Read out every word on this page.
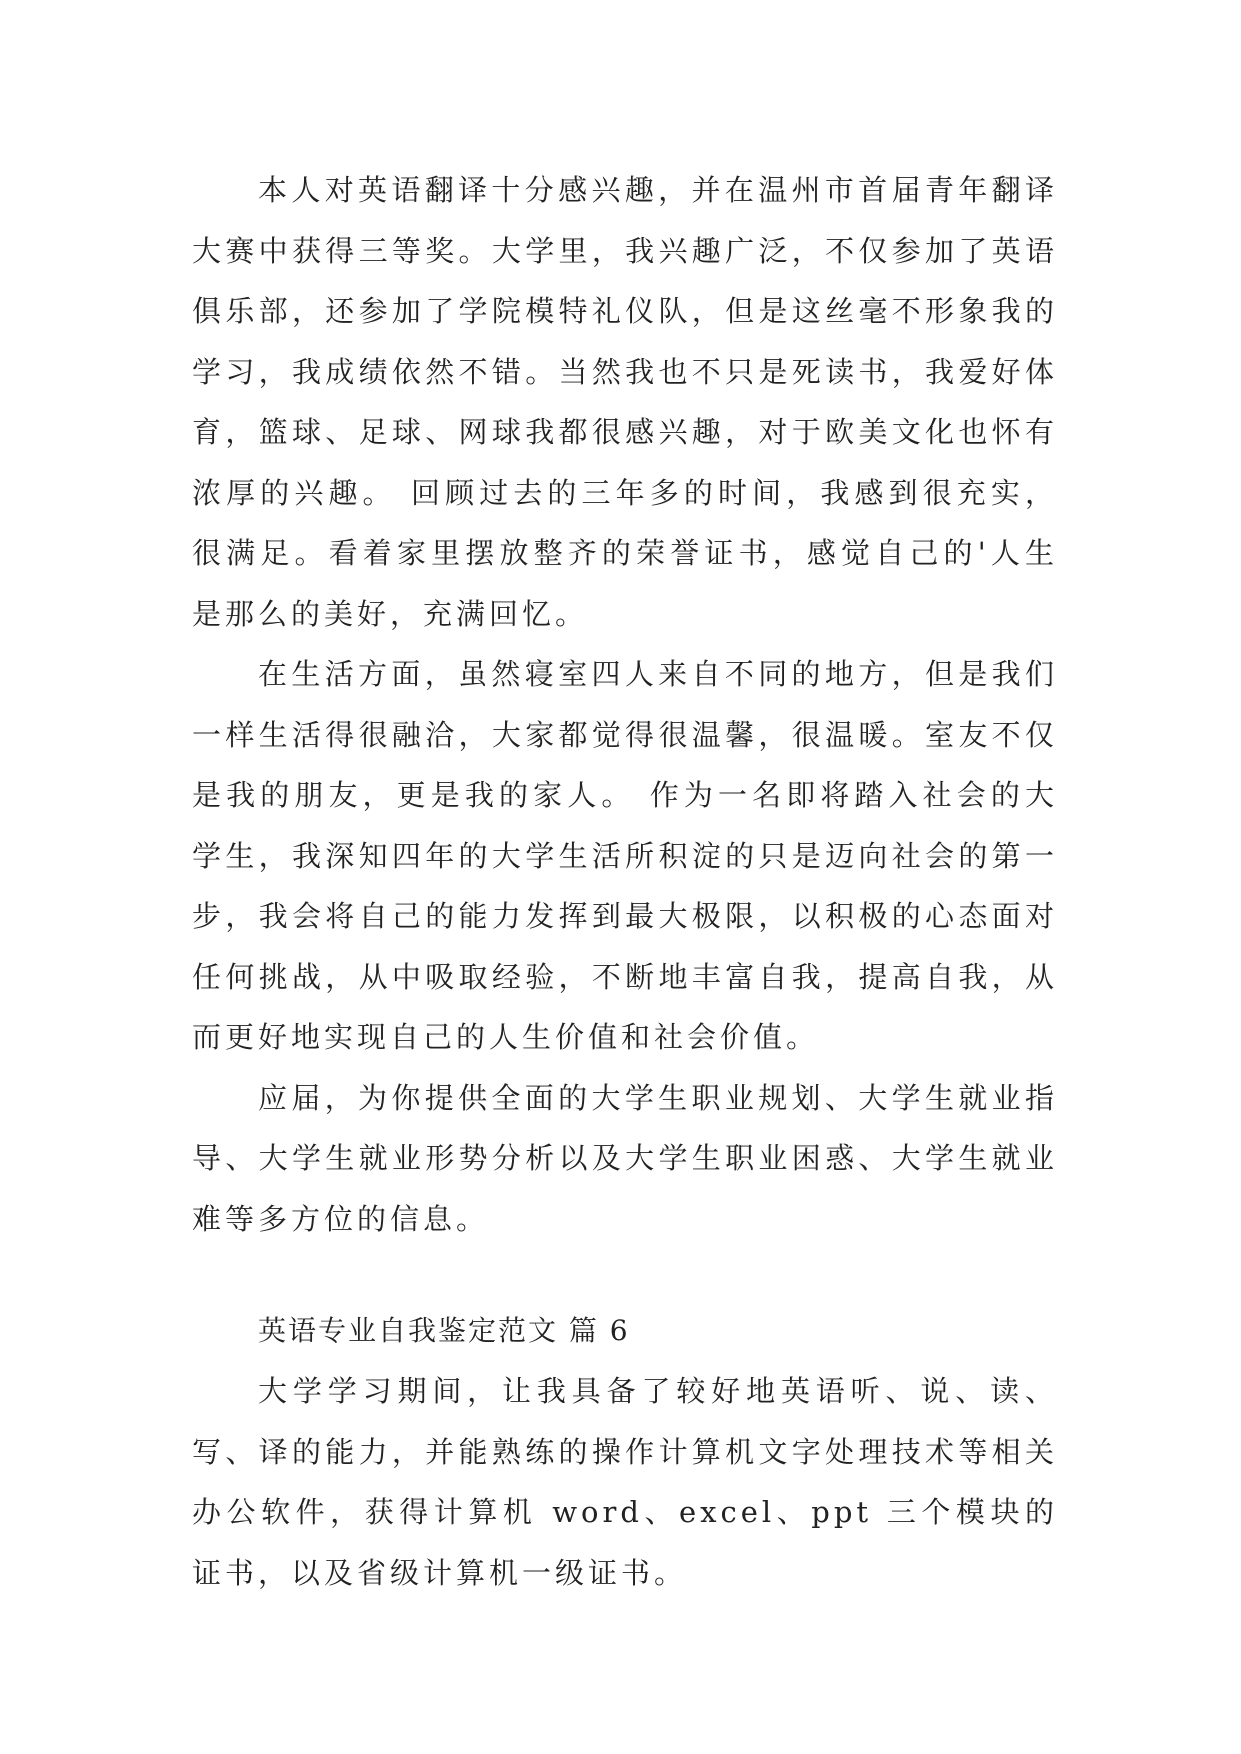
本人对英语翻译十分感兴趣，并在温州市首届青年翻译大赛中获得三等奖。大学里，我兴趣广泛，不仅参加了英语俱乐部，还参加了学院模特礼仪队，但是这丝毫不形象我的学习，我成绩依然不错。当然我也不只是死读书，我爱好体育，篮球、足球、网球我都很感兴趣，对于欧美文化也怀有浓厚的兴趣。 回顾过去的三年多的时间，我感到很充实，很满足。看着家里摆放整齐的荣誉证书，感觉自己的'人生是那么的美好，充满回忆。

在生活方面，虽然寝室四人来自不同的地方，但是我们一样生活得很融洽，大家都觉得很温馨，很温暖。室友不仅是我的朋友，更是我的家人。 作为一名即将踏入社会的大学生，我深知四年的大学生活所积淀的只是迈向社会的第一步，我会将自己的能力发挥到最大极限，以积极的心态面对任何挑战，从中吸取经验，不断地丰富自我，提高自我，从而更好地实现自己的人生价值和社会价值。

应届，为你提供全面的大学生职业规划、大学生就业指导、大学生就业形势分析以及大学生职业困惑、大学生就业难等多方位的信息。

英语专业自我鉴定范文 篇 6

大学学习期间，让我具备了较好地英语听、说、读、写、译的能力，并能熟练的操作计算机文字处理技术等相关办公软件，获得计算机 word、excel、ppt 三个模块的证书，以及省级计算机一级证书。
